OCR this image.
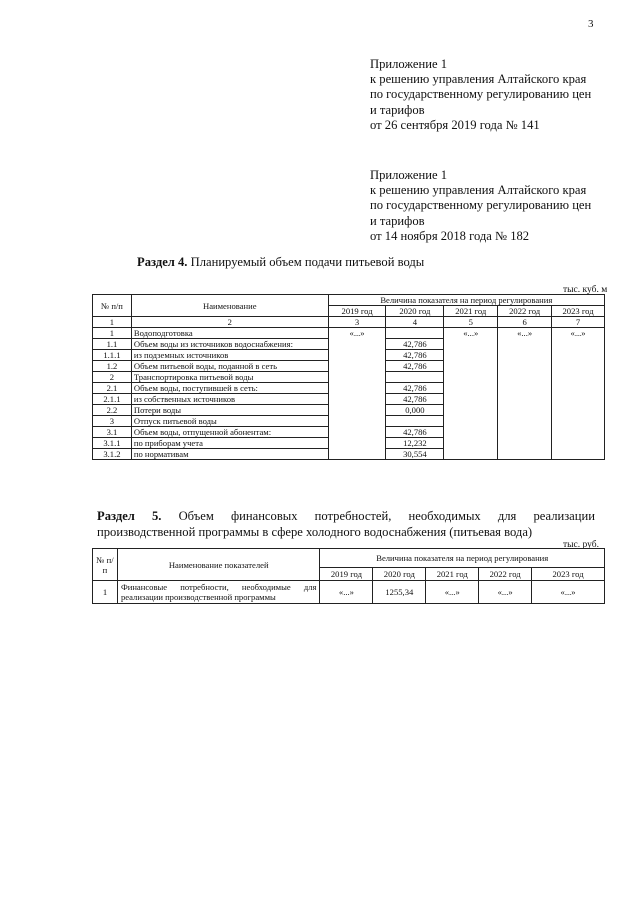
3
Приложение 1
к решению управления Алтайского края
по государственному регулированию цен
и тарифов
от 26 сентября 2019 года № 141
Приложение 1
к решению управления Алтайского края
по государственному регулированию цен
и тарифов
от 14 ноября 2018 года № 182
Раздел 4. Планируемый объем подачи питьевой воды
тыс. куб. м
№ п/п	Наименование	Величина показателя на период регулирования				
		2019 год	2020 год	2021 год	2022 год	2023 год
1	2	3	4	5	6	7
1	Водоподготовка	«...»		«...»	«...»	«...»
1.1	Объем воды из источников водоснабжения:		42,786			
1.1.1	из подземных источников		42,786			
1.2	Объем питьевой воды, поданной в сеть		42,786			
2	Транспортировка питьевой воды					
2.1	Объем воды, поступившей в сеть:		42,786			
2.1.1	из собственных источников		42,786			
2.2	Потери воды		0,000			
3	Отпуск питьевой воды					
3.1	Объем воды, отпущенной абонентам:		42,786			
3.1.1	по приборам учета		12,232			
3.1.2	по нормативам		30,554			
Раздел 5. Объем финансовых потребностей, необходимых для реализации
производственной программы в сфере холодного водоснабжения (питьевая вода)
тыс. руб.
№ п/п	Наименование показателей	Величина показателя на период регулирования				
		2019 год	2020 год	2021 год	2022 год	2023 год
1	Финансовые потребности, необходимые для реализации производственной программы	«...»	1255,34	«...»	«...»	«...»
